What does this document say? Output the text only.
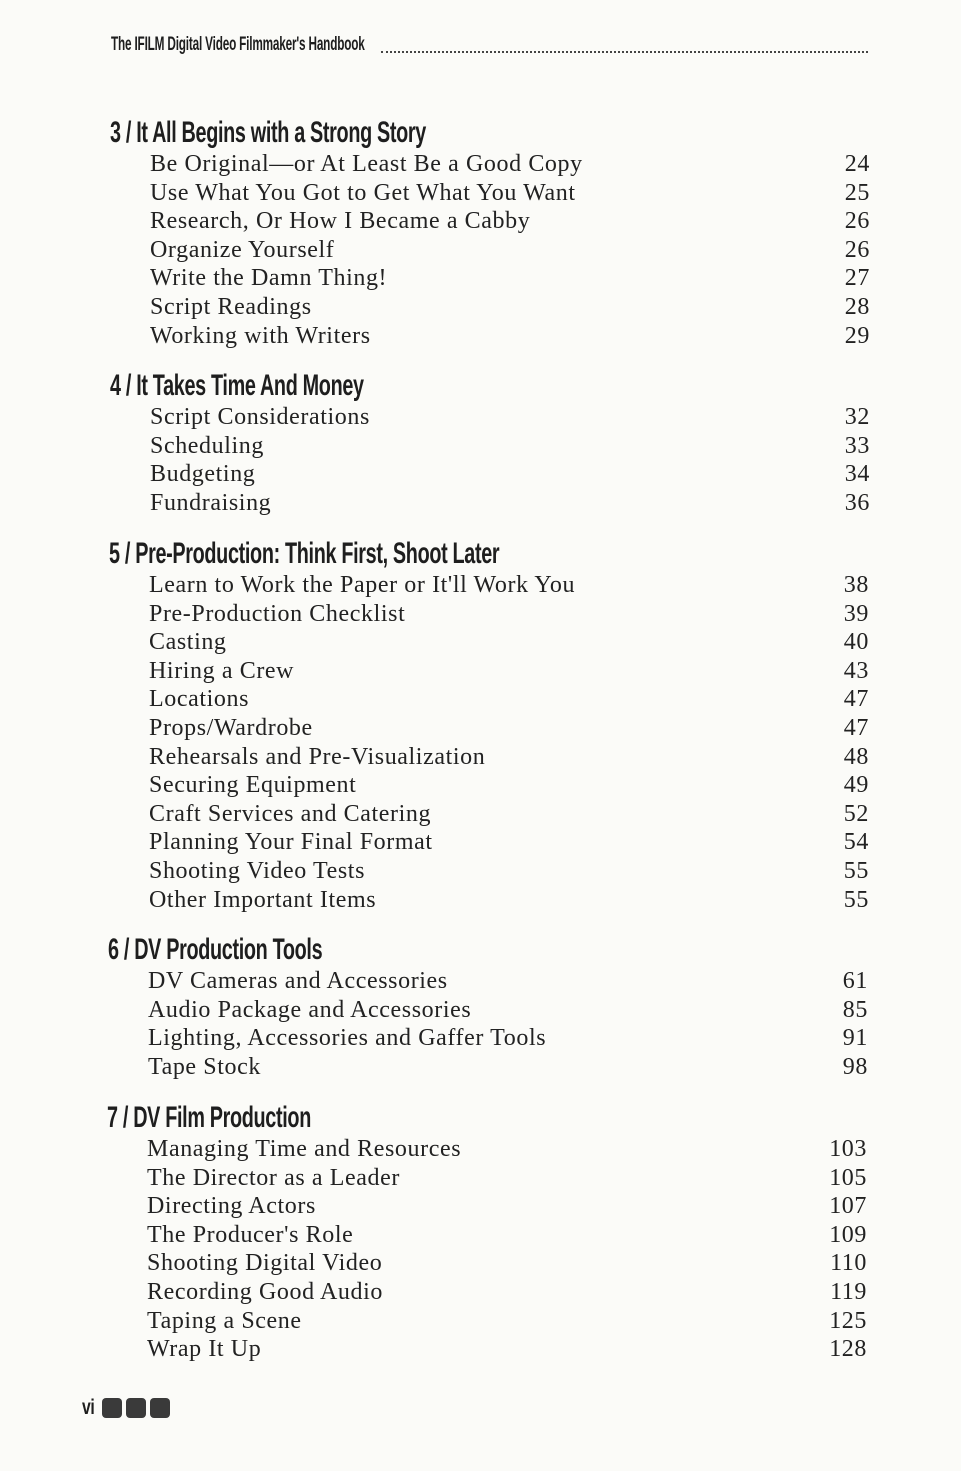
The IFILM Digital Video Filmmaker's Handbook
3 / It All Begins with a Strong Story
Be Original—or At Least Be a Good Copy	24
Use What You Got to Get What You Want	25
Research, Or How I Became a Cabby	26
Organize Yourself	26
Write the Damn Thing!	27
Script Readings	28
Working with Writers	29
4 / It Takes Time And Money
Script Considerations	32
Scheduling	33
Budgeting	34
Fundraising	36
5 / Pre-Production: Think First, Shoot Later
Learn to Work the Paper or It'll Work You	38
Pre-Production Checklist	39
Casting	40
Hiring a Crew	43
Locations	47
Props/Wardrobe	47
Rehearsals and Pre-Visualization	48
Securing Equipment	49
Craft Services and Catering	52
Planning Your Final Format	54
Shooting Video Tests	55
Other Important Items	55
6 / DV Production Tools
DV Cameras and Accessories	61
Audio Package and Accessories	85
Lighting, Accessories and Gaffer Tools	91
Tape Stock	98
7 / DV Film Production
Managing Time and Resources	103
The Director as a Leader	105
Directing Actors	107
The Producer's Role	109
Shooting Digital Video	110
Recording Good Audio	119
Taping a Scene	125
Wrap It Up	128
vi
